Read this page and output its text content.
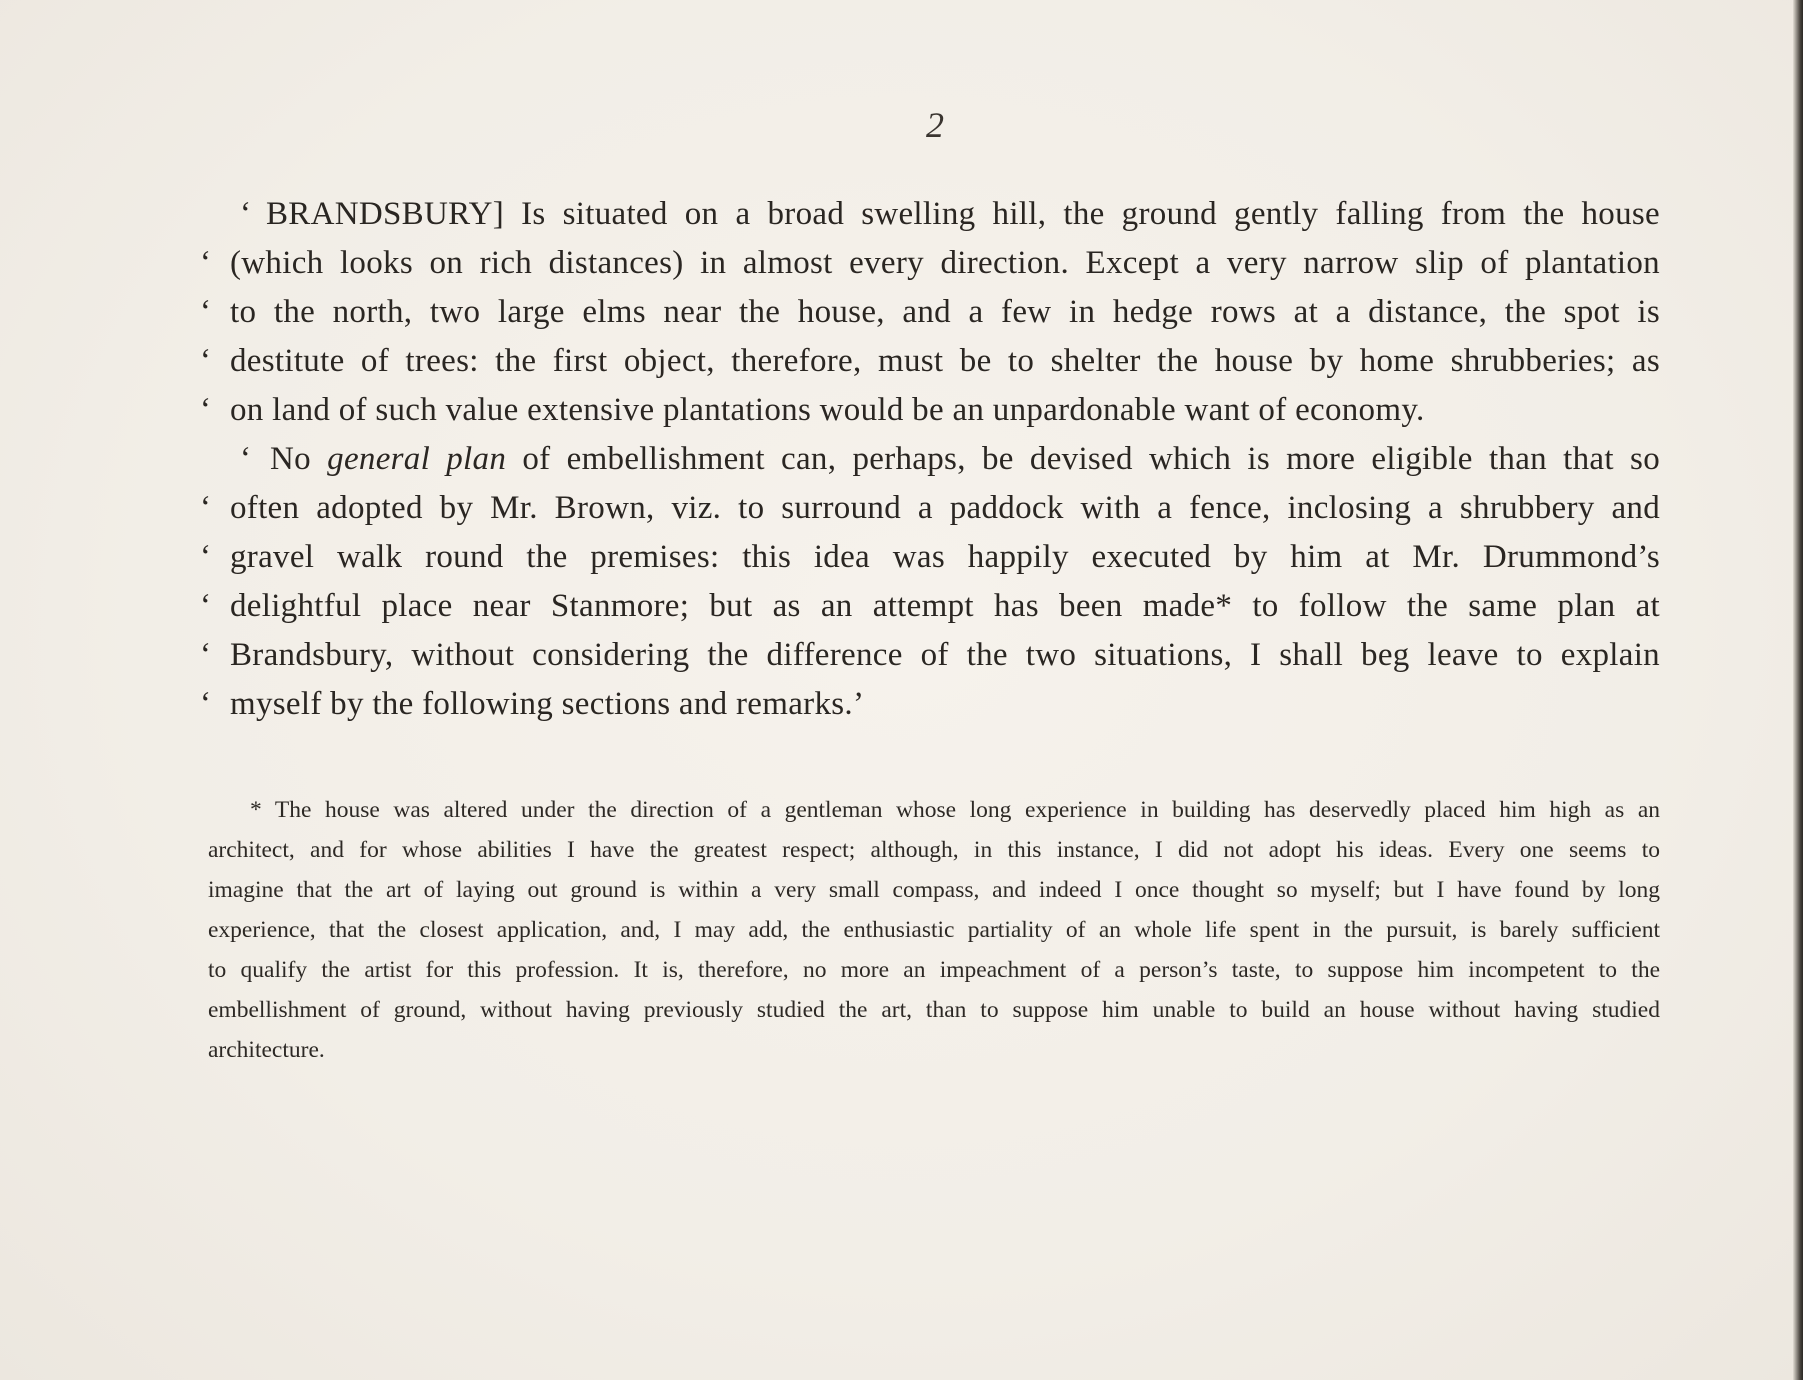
2
‘ BRANDSBURY] Is situated on a broad swelling hill, the ground gently falling from the house
‘ (which looks on rich distances) in almost every direction. Except a very narrow slip of plantation
‘ to the north, two large elms near the house, and a few in hedge rows at a distance, the spot is
‘ destitute of trees: the first object, therefore, must be to shelter the house by home shrubberies; as
‘ on land of such value extensive plantations would be an unpardonable want of economy.
‘ No general plan of embellishment can, perhaps, be devised which is more eligible than that so
‘ often adopted by Mr. Brown, viz. to surround a paddock with a fence, inclosing a shrubbery and
‘ gravel walk round the premises: this idea was happily executed by him at Mr. Drummond’s
‘ delightful place near Stanmore; but as an attempt has been made* to follow the same plan at
‘ Brandsbury, without considering the difference of the two situations, I shall beg leave to explain
‘ myself by the following sections and remarks.’
* The house was altered under the direction of a gentleman whose long experience in building has deservedly placed him high as an
architect, and for whose abilities I have the greatest respect; although, in this instance, I did not adopt his ideas. Every one seems to
imagine that the art of laying out ground is within a very small compass, and indeed I once thought so myself; but I have found by long
experience, that the closest application, and, I may add, the enthusiastic partiality of an whole life spent in the pursuit, is barely sufficient
to qualify the artist for this profession. It is, therefore, no more an impeachment of a person’s taste, to suppose him incompetent to the
embellishment of ground, without having previously studied the art, than to suppose him unable to build an house without having studied
architecture.
